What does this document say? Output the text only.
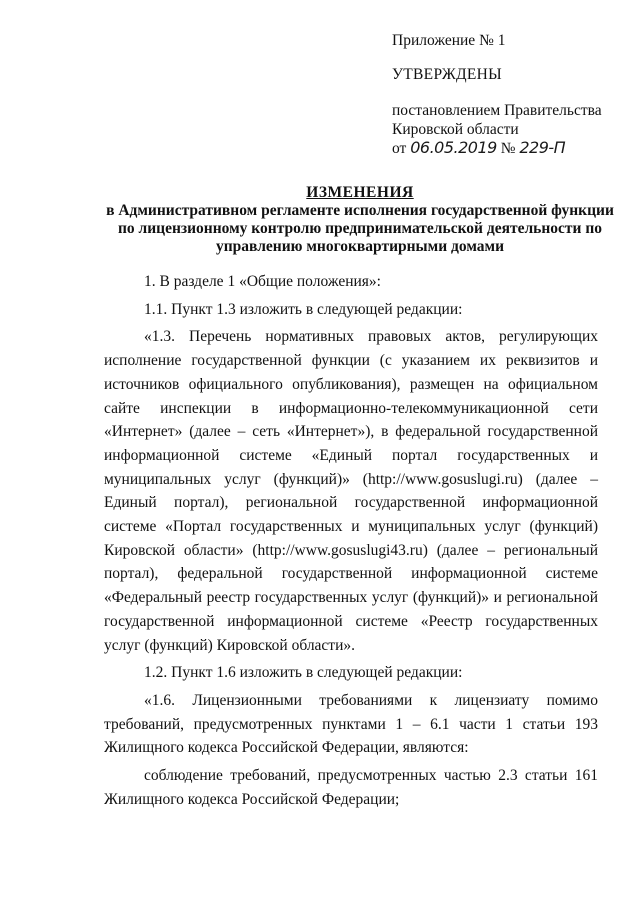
Приложение № 1
УТВЕРЖДЕНЫ
постановлением Правительства
Кировской области
от 06.05.2019 № 229-П
ИЗМЕНЕНИЯ
в Административном регламенте исполнения государственной функции
по лицензионному контролю предпринимательской деятельности по
управлению многоквартирными домами

1. В разделе 1 «Общие положения»:

1.1. Пункт 1.3 изложить в следующей редакции:

«1.3. Перечень нормативных правовых актов, регулирующих исполнение государственной функции (с указанием их реквизитов и источников официального опубликования), размещен на официальном сайте инспекции в информационно-телекоммуникационной сети «Интернет» (далее – сеть «Интернет»), в федеральной государственной информационной системе «Единый портал государственных и муниципальных услуг (функций)» (http://www.gosuslugi.ru) (далее – Единый портал), региональной государственной информационной системе «Портал государственных и муниципальных услуг (функций) Кировской области» (http://www.gosuslugi43.ru) (далее – региональный портал), федеральной государственной информационной системе «Федеральный реестр государственных услуг (функций)» и региональной государственной информационной системе «Реестр государственных услуг (функций) Кировской области».

1.2. Пункт 1.6 изложить в следующей редакции:

«1.6. Лицензионными требованиями к лицензиату помимо требований, предусмотренных пунктами 1 – 6.1 части 1 статьи 193 Жилищного кодекса Российской Федерации, являются:

соблюдение требований, предусмотренных частью 2.3 статьи 161 Жилищного кодекса Российской Федерации;
